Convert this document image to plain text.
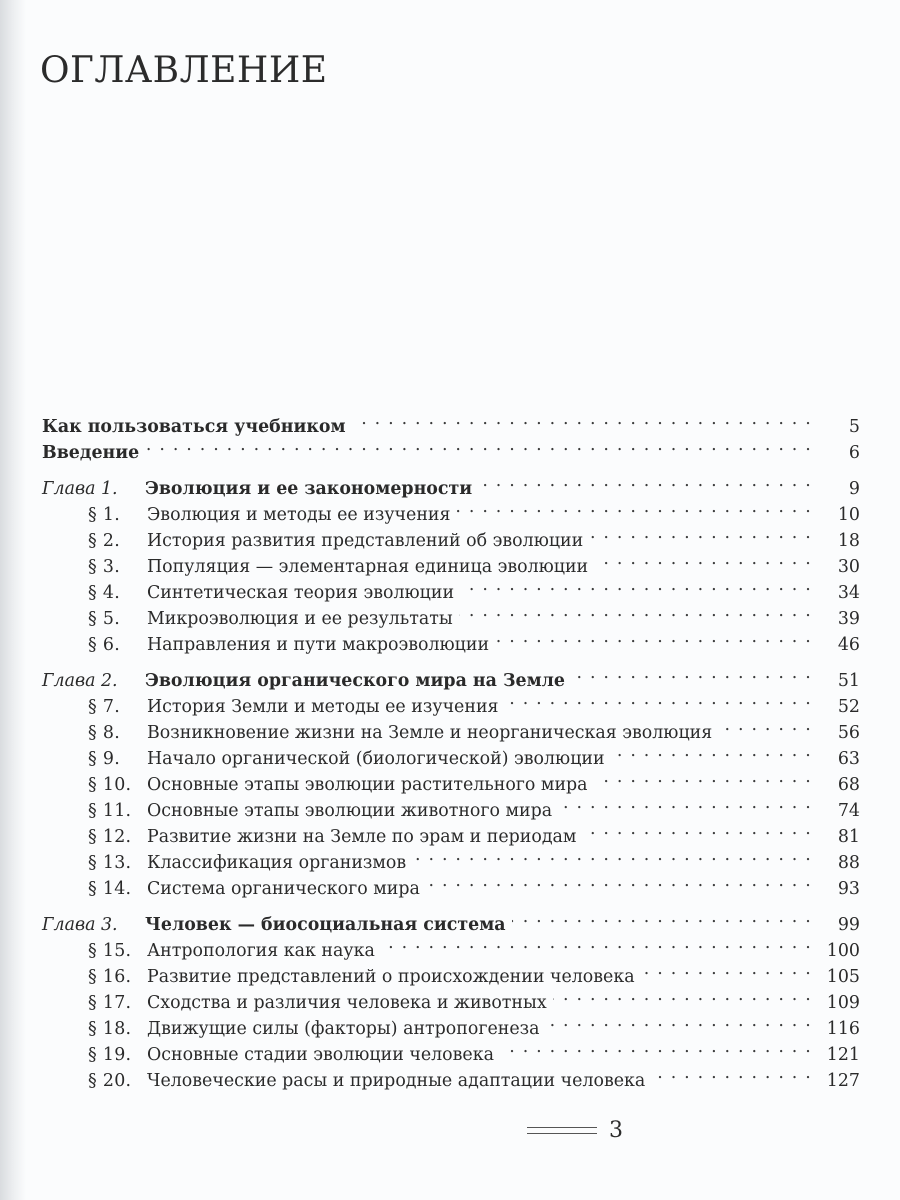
ОГЛАВЛЕНИЕ
Как пользоваться учебником . . .	5
Введение . . .	6
Глава 1.	Эволюция и ее закономерности . . .	9
§ 1.	Эволюция и методы ее изучения . . .	10
§ 2.	История развития представлений об эволюции . . .	18
§ 3.	Популяция — элементарная единица эволюции . . .	30
§ 4.	Синтетическая теория эволюции . . .	34
§ 5.	Микроэволюция и ее результаты . . .	39
§ 6.	Направления и пути макроэволюции . . .	46
Глава 2.	Эволюция органического мира на Земле . . .	51
§ 7.	История Земли и методы ее изучения . . .	52
§ 8.	Возникновение жизни на Земле и неорганическая эволюция . . .	56
§ 9.	Начало органической (биологической) эволюции . . .	63
§ 10. Основные этапы эволюции растительного мира . . .	68
§ 11. Основные этапы эволюции животного мира . . .	74
§ 12. Развитие жизни на Земле по эрам и периодам . . .	81
§ 13. Классификация организмов . . .	88
§ 14. Система органического мира . . .	93
Глава 3.	Человек — биосоциальная система . . .	99
§ 15. Антропология как наука . . .	100
§ 16. Развитие представлений о происхождении человека . . .	105
§ 17. Сходства и различия человека и животных . . .	109
§ 18. Движущие силы (факторы) антропогенеза . . .	116
§ 19. Основные стадии эволюции человека . . .	121
§ 20. Человеческие расы и природные адаптации человека . . .	127
3
